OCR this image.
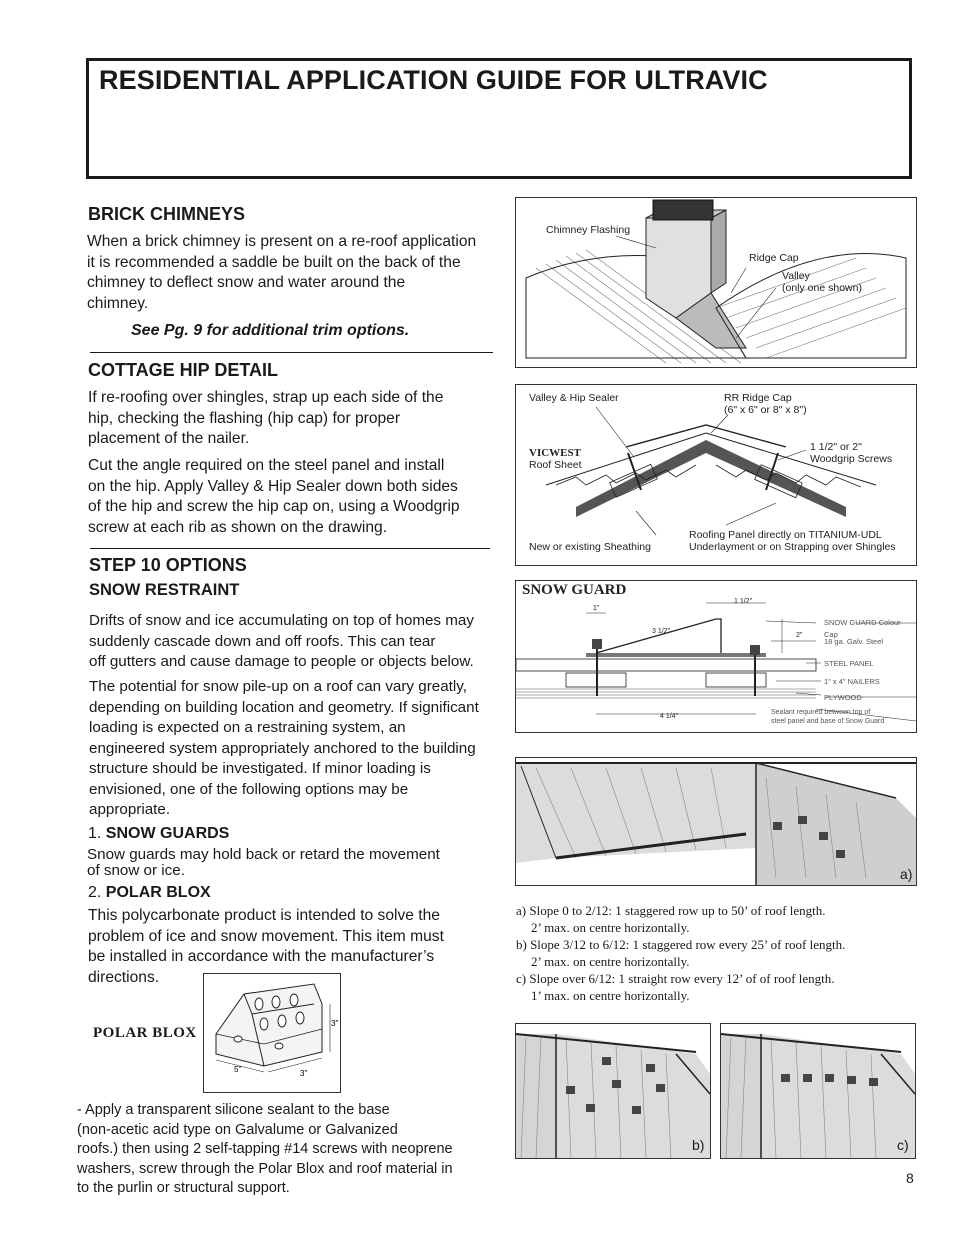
RESIDENTIAL APPLICATION GUIDE FOR ULTRAVIC
BRICK CHIMNEYS
When a brick chimney is present on a re-roof application
it is recommended a saddle be built on the back of the
chimney to deflect snow and water around the
chimney.
See Pg. 9 for additional trim options.
COTTAGE HIP DETAIL
If re-roofing over shingles, strap up each side of the
hip, checking the flashing (hip cap) for proper
placement of the nailer.
Cut the angle required on the steel panel and install
on the hip. Apply Valley & Hip Sealer down both sides
of the hip and screw the hip cap on, using a Woodgrip
screw at each rib as shown on the drawing.
STEP 10 OPTIONS
SNOW RESTRAINT
Drifts of snow and ice accumulating on top of homes may
suddenly cascade down and off roofs. This can tear
off gutters and cause damage to people or objects below.
The potential for snow pile-up on a roof can vary greatly,
depending on building location and geometry. If significant
loading is expected on a restraining system, an
engineered system appropriately anchored to the building
structure should be investigated. If minor loading is
envisioned, one of the following options may be
appropriate.
1. SNOW GUARDS
Snow guards may hold back or retard the movement
of snow or ice.
2. POLAR BLOX
This polycarbonate product is intended to solve the
problem of ice and snow movement. This item must
be installed in accordance with the manufacturer’s
directions.
POLAR BLOX
3"
5"	3"
- Apply a transparent silicone sealant to the base
(non-acetic acid type on Galvalume or Galvanized
roofs.) then using 2 self-tapping #14 screws with neoprene
washers, screw through the Polar Blox and roof material in
to the purlin or structural support.
Chimney Flashing
Ridge Cap
Valley
(only one shown)
Valley & Hip Sealer	RR Ridge Cap
(6" x 6" or 8" x 8")
VICWEST
Roof Sheet
1 1/2" or 2"
Woodgrip Screws
New or existing Sheathing
Roofing Panel directly on TITANIUM-UDL
Underlayment or on Strapping over Shingles
SNOW GUARD
1 1/2"
1"
3 1/2"
2"
4 1/4"
SNOW GUARD Colour Cap
18 ga. Galv. Steel
STEEL PANEL
1" x 4" NAILERS
PLYWOOD
Sealant required between top of
steel panel and base of Snow Guard
a)
a) Slope 0 to 2/12: 1 staggered row up to 50’ of roof length.
2’ max. on centre horizontally.
b) Slope 3/12 to 6/12: 1 staggered row every 25’ of roof length.
2’ max. on centre horizontally.
c) Slope over 6/12: 1 straight row every 12’ of of roof length.
1’ max. on centre horizontally.
b)	c)
8
